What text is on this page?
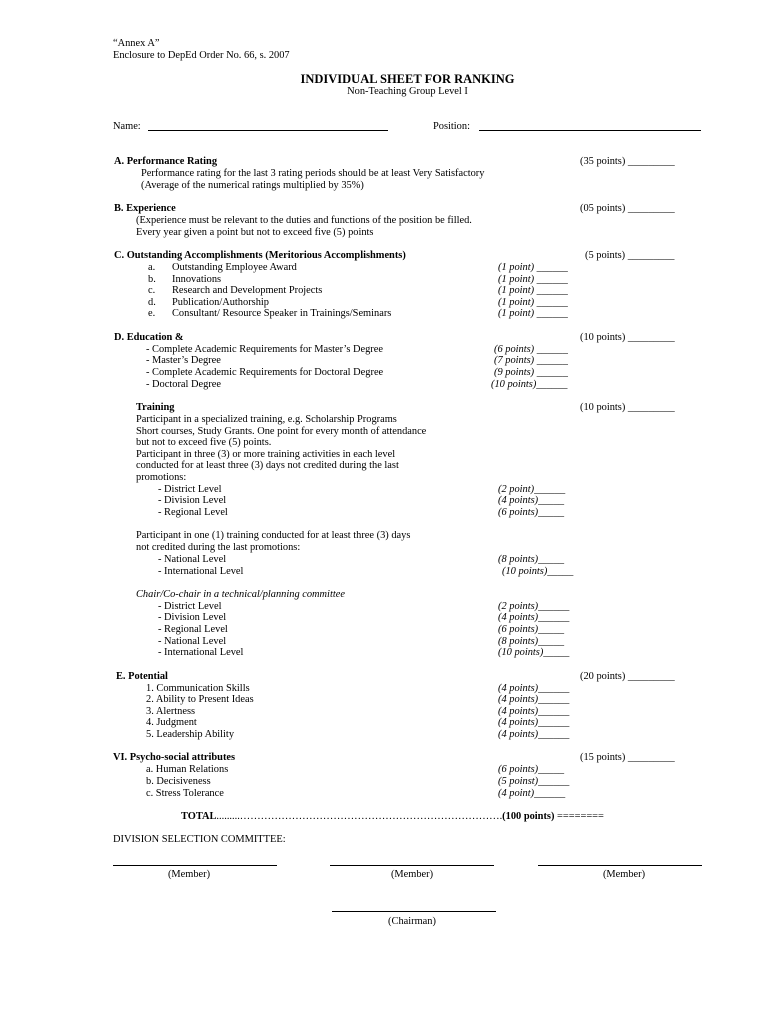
“Annex A”
Enclosure to DepEd Order No. 66, s. 2007
INDIVIDUAL SHEET FOR RANKING
Non-Teaching Group Level I
Name:	Position:
A. Performance Rating	(35 points) _________
Performance rating for the last 3 rating periods should be at least Very Satisfactory
(Average of the numerical ratings multiplied by 35%)
B. Experience	(05 points) _________
(Experience must be relevant to the duties and functions of the position be filled.
Every year given a point but not to exceed five (5) points
C. Outstanding Accomplishments (Meritorious Accomplishments)	(5 points) _________
a. Outstanding Employee Award	(1 point) ______
b. Innovations	(1 point) ______
c. Research and Development Projects	(1 point) ______
d. Publication/Authorship	(1 point) ______
e. Consultant/ Resource Speaker in Trainings/Seminars	(1 point) ______
D. Education &	(10 points) _________
- Complete Academic Requirements for Master’s Degree	(6 points) ______
- Master’s Degree	(7 points) ______
- Complete Academic Requirements for Doctoral Degree	(9 points) ______
- Doctoral Degree	(10 points)______
Training	(10 points) _________
Participant in a specialized training, e.g. Scholarship Programs
Short courses, Study Grants. One point for every month of attendance
but not to exceed five (5) points.
Participant in three (3) or more training activities in each level
conducted for at least three (3) days not credited during the last
promotions:
- District Level	(2 point)______
- Division Level	(4 points)_____
- Regional Level	(6 points)_____
Participant in one (1) training conducted for at least three (3) days
not credited during the last promotions:
- National Level	(8 points)_____
- International Level	(10 points)_____
Chair/Co-chair in a technical/planning committee
- District Level	(2 points)______
- Division Level	(4 points)______
- Regional Level	(6 points)_____
- National Level	(8 points)_____
- International Level	(10 points)_____
E. Potential	(20 points) _________
1. Communication Skills	(4 points)______
2. Ability to Present Ideas	(4 points)______
3. Alertness	(4 points)______
4. Judgment	(4 points)______
5. Leadership Ability	(4 points)______
VI. Psycho-social attributes	(15 points) _________
a. Human Relations	(6 points)_____
b. Decisiveness	(5 poinst)______
c. Stress Tolerance	(4 point)______
TOTAL.........………………………………………………………………….(100 points) ========
DIVISION SELECTION COMMITTEE:
(Member)	(Member)	(Member)
(Chairman)
